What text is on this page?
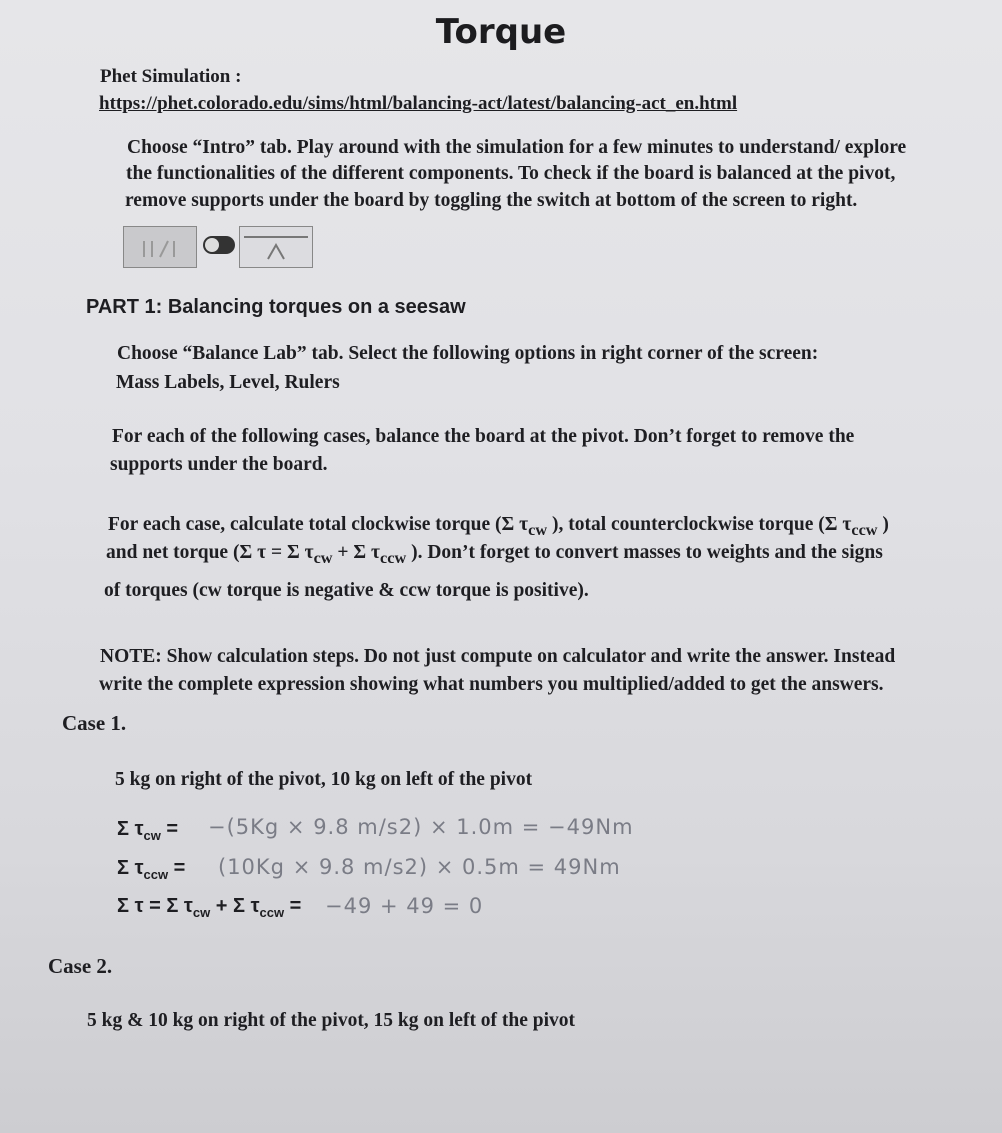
Torque
Phet Simulation :
https://phet.colorado.edu/sims/html/balancing-act/latest/balancing-act_en.html
Choose “Intro” tab. Play around with the simulation for a few minutes to understand/ explore
the functionalities of the different components. To check if the board is balanced at the pivot,
remove supports under the board by toggling the switch at bottom of the screen to right.
PART 1: Balancing torques on a seesaw
Choose “Balance Lab” tab. Select the following options in right corner of the screen:
Mass Labels, Level, Rulers
For each of the following cases, balance the board at the pivot. Don’t forget to remove the
supports under the board.
For each case, calculate total clockwise torque (Σ $\tau_{cw}$ ), total counterclockwise torque (Σ $\tau_{ccw}$ )
and net torque (Σ τ = Σ $\tau_{cw} + \Sigma$ $\tau_{ccw}$ ). Don’t forget to convert masses to weights and the signs
of torques (cw torque is negative & ccw torque is positive).
NOTE: Show calculation steps. Do not just compute on calculator and write the answer. Instead
write the complete expression showing what numbers you multiplied/added to get the answers.
Case 1.
5 kg on right of the pivot, 10 kg on left of the pivot
Σ $\tau_{cw} = -(5Kg \times 9.8$ m/s2) × 1.0m = −49Nm
Σ $\tau_{ccw} = (10Kg \times 9.8$ m/s2) × 0.5m = 49Nm
Σ τ = Σ $\tau_{cw} + \Sigma$ $\tau_{ccw} = -49 + 49 = 0$
Case 2.
5 kg & 10 kg on right of the pivot, 15 kg on left of the pivot
